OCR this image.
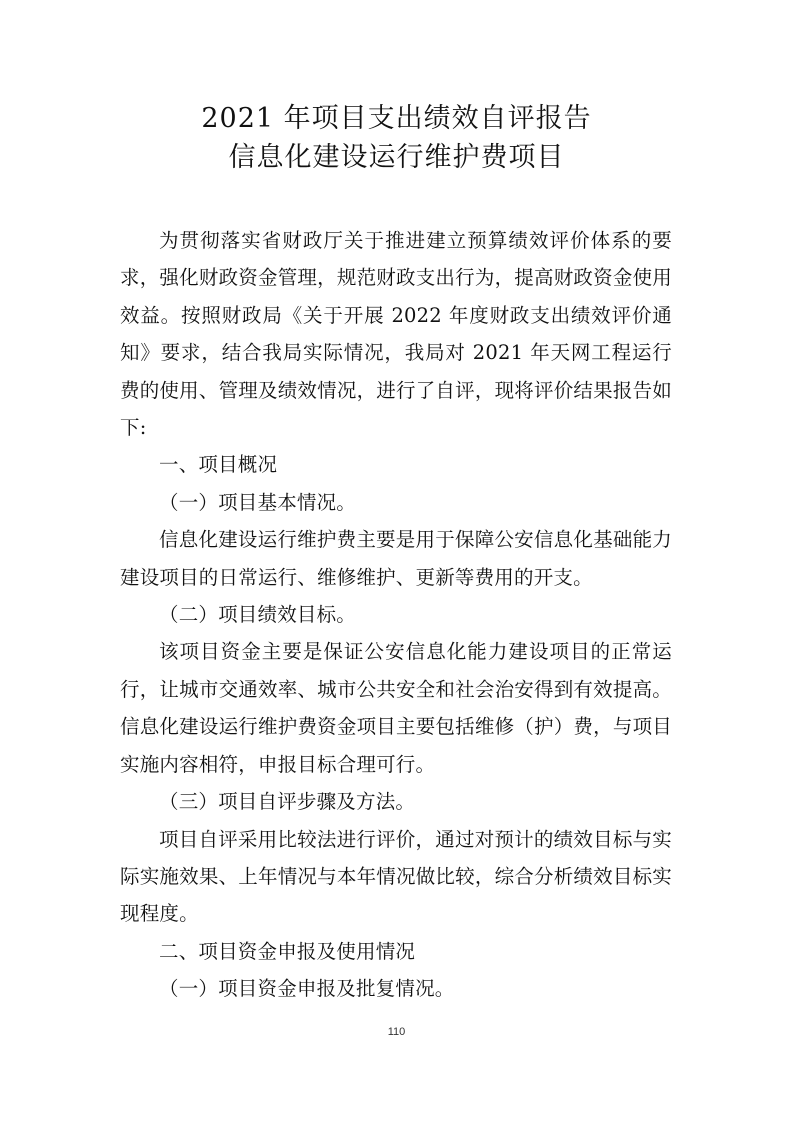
2021 年项目支出绩效自评报告
信息化建设运行维护费项目

为贯彻落实省财政厅关于推进建立预算绩效评价体系的要求，强化财政资金管理，规范财政支出行为，提高财政资金使用效益。按照财政局《关于开展 2022 年度财政支出绩效评价通知》要求，结合我局实际情况，我局对 2021 年天网工程运行费的使用、管理及绩效情况，进行了自评，现将评价结果报告如下:

一、项目概况

（一）项目基本情况。

信息化建设运行维护费主要是用于保障公安信息化基础能力建设项目的日常运行、维修维护、更新等费用的开支。

（二）项目绩效目标。

该项目资金主要是保证公安信息化能力建设项目的正常运行，让城市交通效率、城市公共安全和社会治安得到有效提高。信息化建设运行维护费资金项目主要包括维修（护）费，与项目实施内容相符，申报目标合理可行。

（三）项目自评步骤及方法。

项目自评采用比较法进行评价，通过对预计的绩效目标与实际实施效果、上年情况与本年情况做比较，综合分析绩效目标实现程度。

二、项目资金申报及使用情况

（一）项目资金申报及批复情况。

110
